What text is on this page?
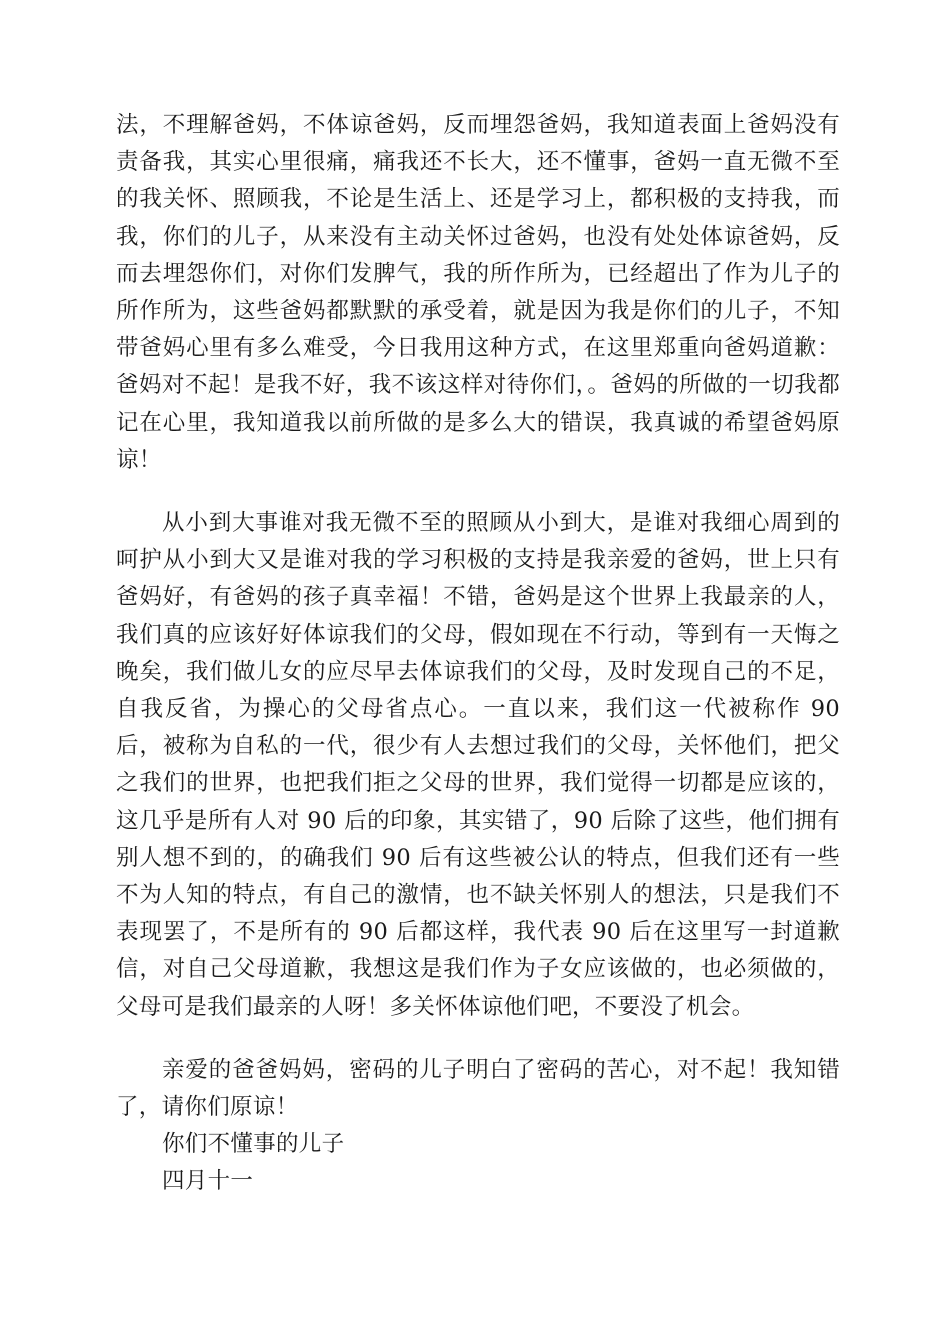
法，不理解爸妈，不体谅爸妈，反而埋怨爸妈，我知道表面上爸妈没有责备我，其实心里很痛，痛我还不长大，还不懂事，爸妈一直无微不至的我关怀、照顾我，不论是生活上、还是学习上，都积极的支持我，而我，你们的儿子，从来没有主动关怀过爸妈，也没有处处体谅爸妈，反而去埋怨你们，对你们发脾气，我的所作所为，已经超出了作为儿子的所作所为，这些爸妈都默默的承受着，就是因为我是你们的儿子，不知带爸妈心里有多么难受，今日我用这种方式，在这里郑重向爸妈道歉：爸妈对不起！是我不好，我不该这样对待你们，。爸妈的所做的一切我都记在心里，我知道我以前所做的是多么大的错误，我真诚的希望爸妈原谅！

从小到大事谁对我无微不至的照顾从小到大，是谁对我细心周到的呵护从小到大又是谁对我的学习积极的支持是我亲爱的爸妈，世上只有爸妈好，有爸妈的孩子真幸福！不错，爸妈是这个世界上我最亲的人，我们真的应该好好体谅我们的父母，假如现在不行动，等到有一天悔之晚矣，我们做儿女的应尽早去体谅我们的父母，及时发现自己的不足，自我反省，为操心的父母省点心。一直以来，我们这一代被称作 90 后，被称为自私的一代，很少有人去想过我们的父母，关怀他们，把父之我们的世界，也把我们拒之父母的世界，我们觉得一切都是应该的，这几乎是所有人对 90 后的印象，其实错了，90 后除了这些，他们拥有别人想不到的，的确我们 90 后有这些被公认的特点，但我们还有一些不为人知的特点，有自己的激情，也不缺关怀别人的想法，只是我们不表现罢了，不是所有的 90 后都这样，我代表 90 后在这里写一封道歉信，对自己父母道歉，我想这是我们作为子女应该做的，也必须做的，父母可是我们最亲的人呀！多关怀体谅他们吧，不要没了机会。

亲爱的爸爸妈妈，密码的儿子明白了密码的苦心，对不起！我知错了，请你们原谅！

你们不懂事的儿子

四月十一
